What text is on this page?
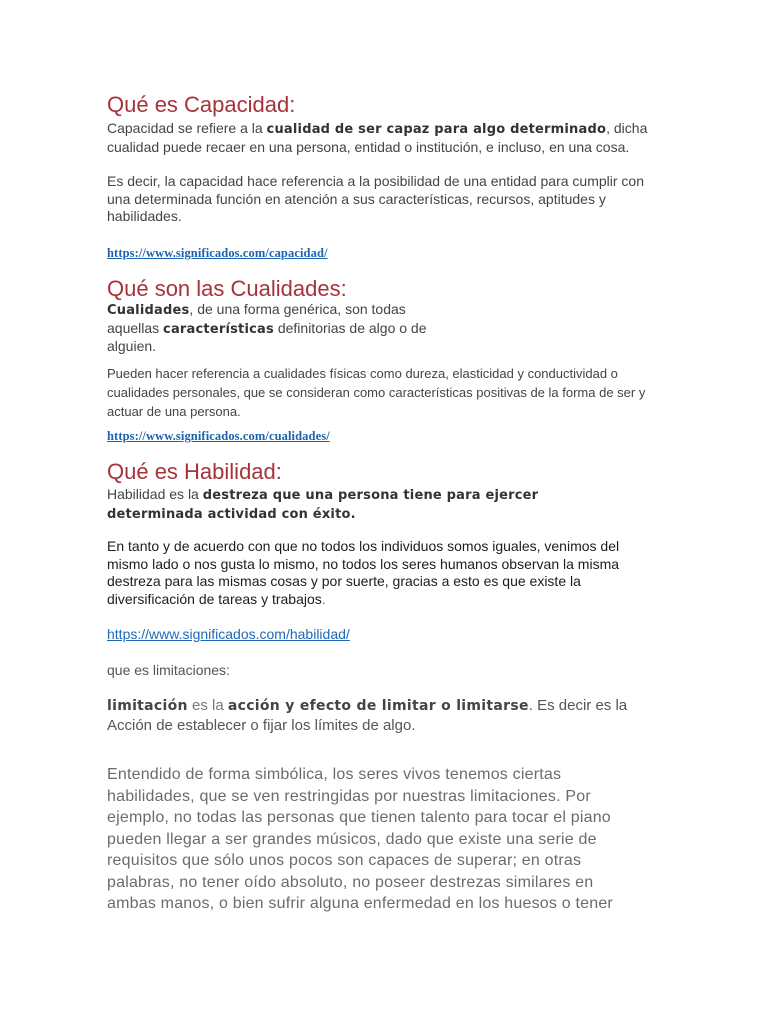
Qué es Capacidad:

Capacidad se refiere a la cualidad de ser capaz para algo determinado, dicha cualidad puede recaer en una persona, entidad o institución, e incluso, en una cosa.

Es decir, la capacidad hace referencia a la posibilidad de una entidad para cumplir con una determinada función en atención a sus características, recursos, aptitudes y habilidades.

https://www.significados.com/capacidad/
Qué son las Cualidades:

Cualidades, de una forma genérica, son todas aquellas características definitorias de algo o de alguien.

Pueden hacer referencia a cualidades físicas como dureza, elasticidad y conductividad o cualidades personales, que se consideran como características positivas de la forma de ser y actuar de una persona.

https://www.significados.com/cualidades/
Qué es Habilidad:

Habilidad es la destreza que una persona tiene para ejercer determinada actividad con éxito.

En tanto y de acuerdo con que no todos los individuos somos iguales, venimos del mismo lado o nos gusta lo mismo, no todos los seres humanos observan la misma destreza para las mismas cosas y por suerte, gracias a esto es que existe la diversificación de tareas y trabajos.

https://www.significados.com/habilidad/

que es limitaciones:

limitación es la acción y efecto de limitar o limitarse. Es decir es la Acción de establecer o fijar los límites de algo.

Entendido de forma simbólica, los seres vivos tenemos ciertas habilidades, que se ven restringidas por nuestras limitaciones. Por ejemplo, no todas las personas que tienen talento para tocar el piano pueden llegar a ser grandes músicos, dado que existe una serie de requisitos que sólo unos pocos son capaces de superar; en otras palabras, no tener oído absoluto, no poseer destrezas similares en ambas manos, o bien sufrir alguna enfermedad en los huesos o tener
